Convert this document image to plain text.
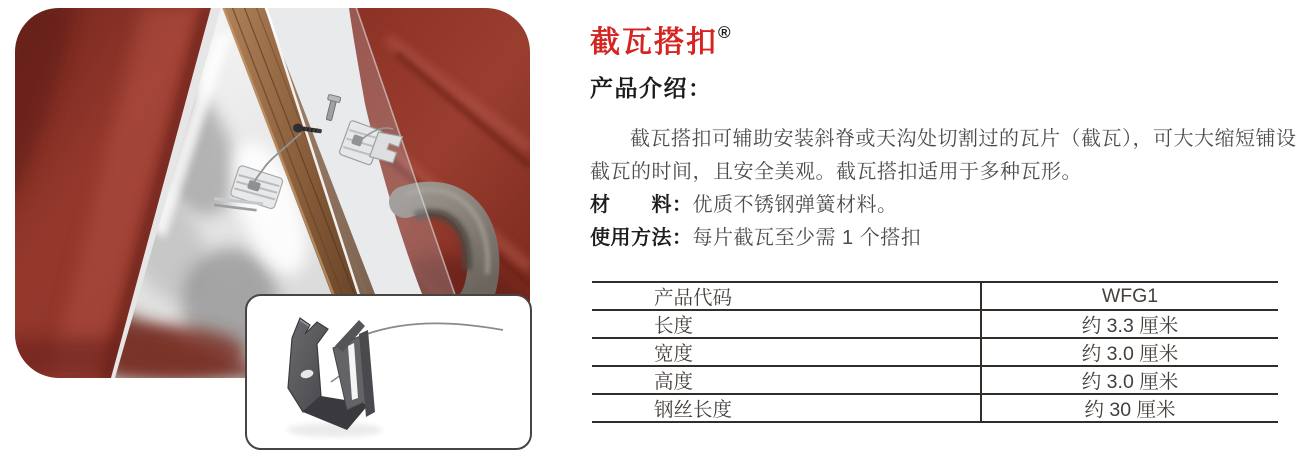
截瓦搭扣®
产品介绍：
截瓦搭扣可辅助安装斜脊或天沟处切割过的瓦片（截瓦），可大大缩短铺设截瓦的时间，且安全美观。截瓦搭扣适用于多种瓦形。
材　　料：优质不锈钢弹簧材料。
使用方法：每片截瓦至少需 1 个搭扣
产品代码	WFG1
长度	约 3.3 厘米
宽度	约 3.0 厘米
高度	约 3.0 厘米
钢丝长度	约 30 厘米
